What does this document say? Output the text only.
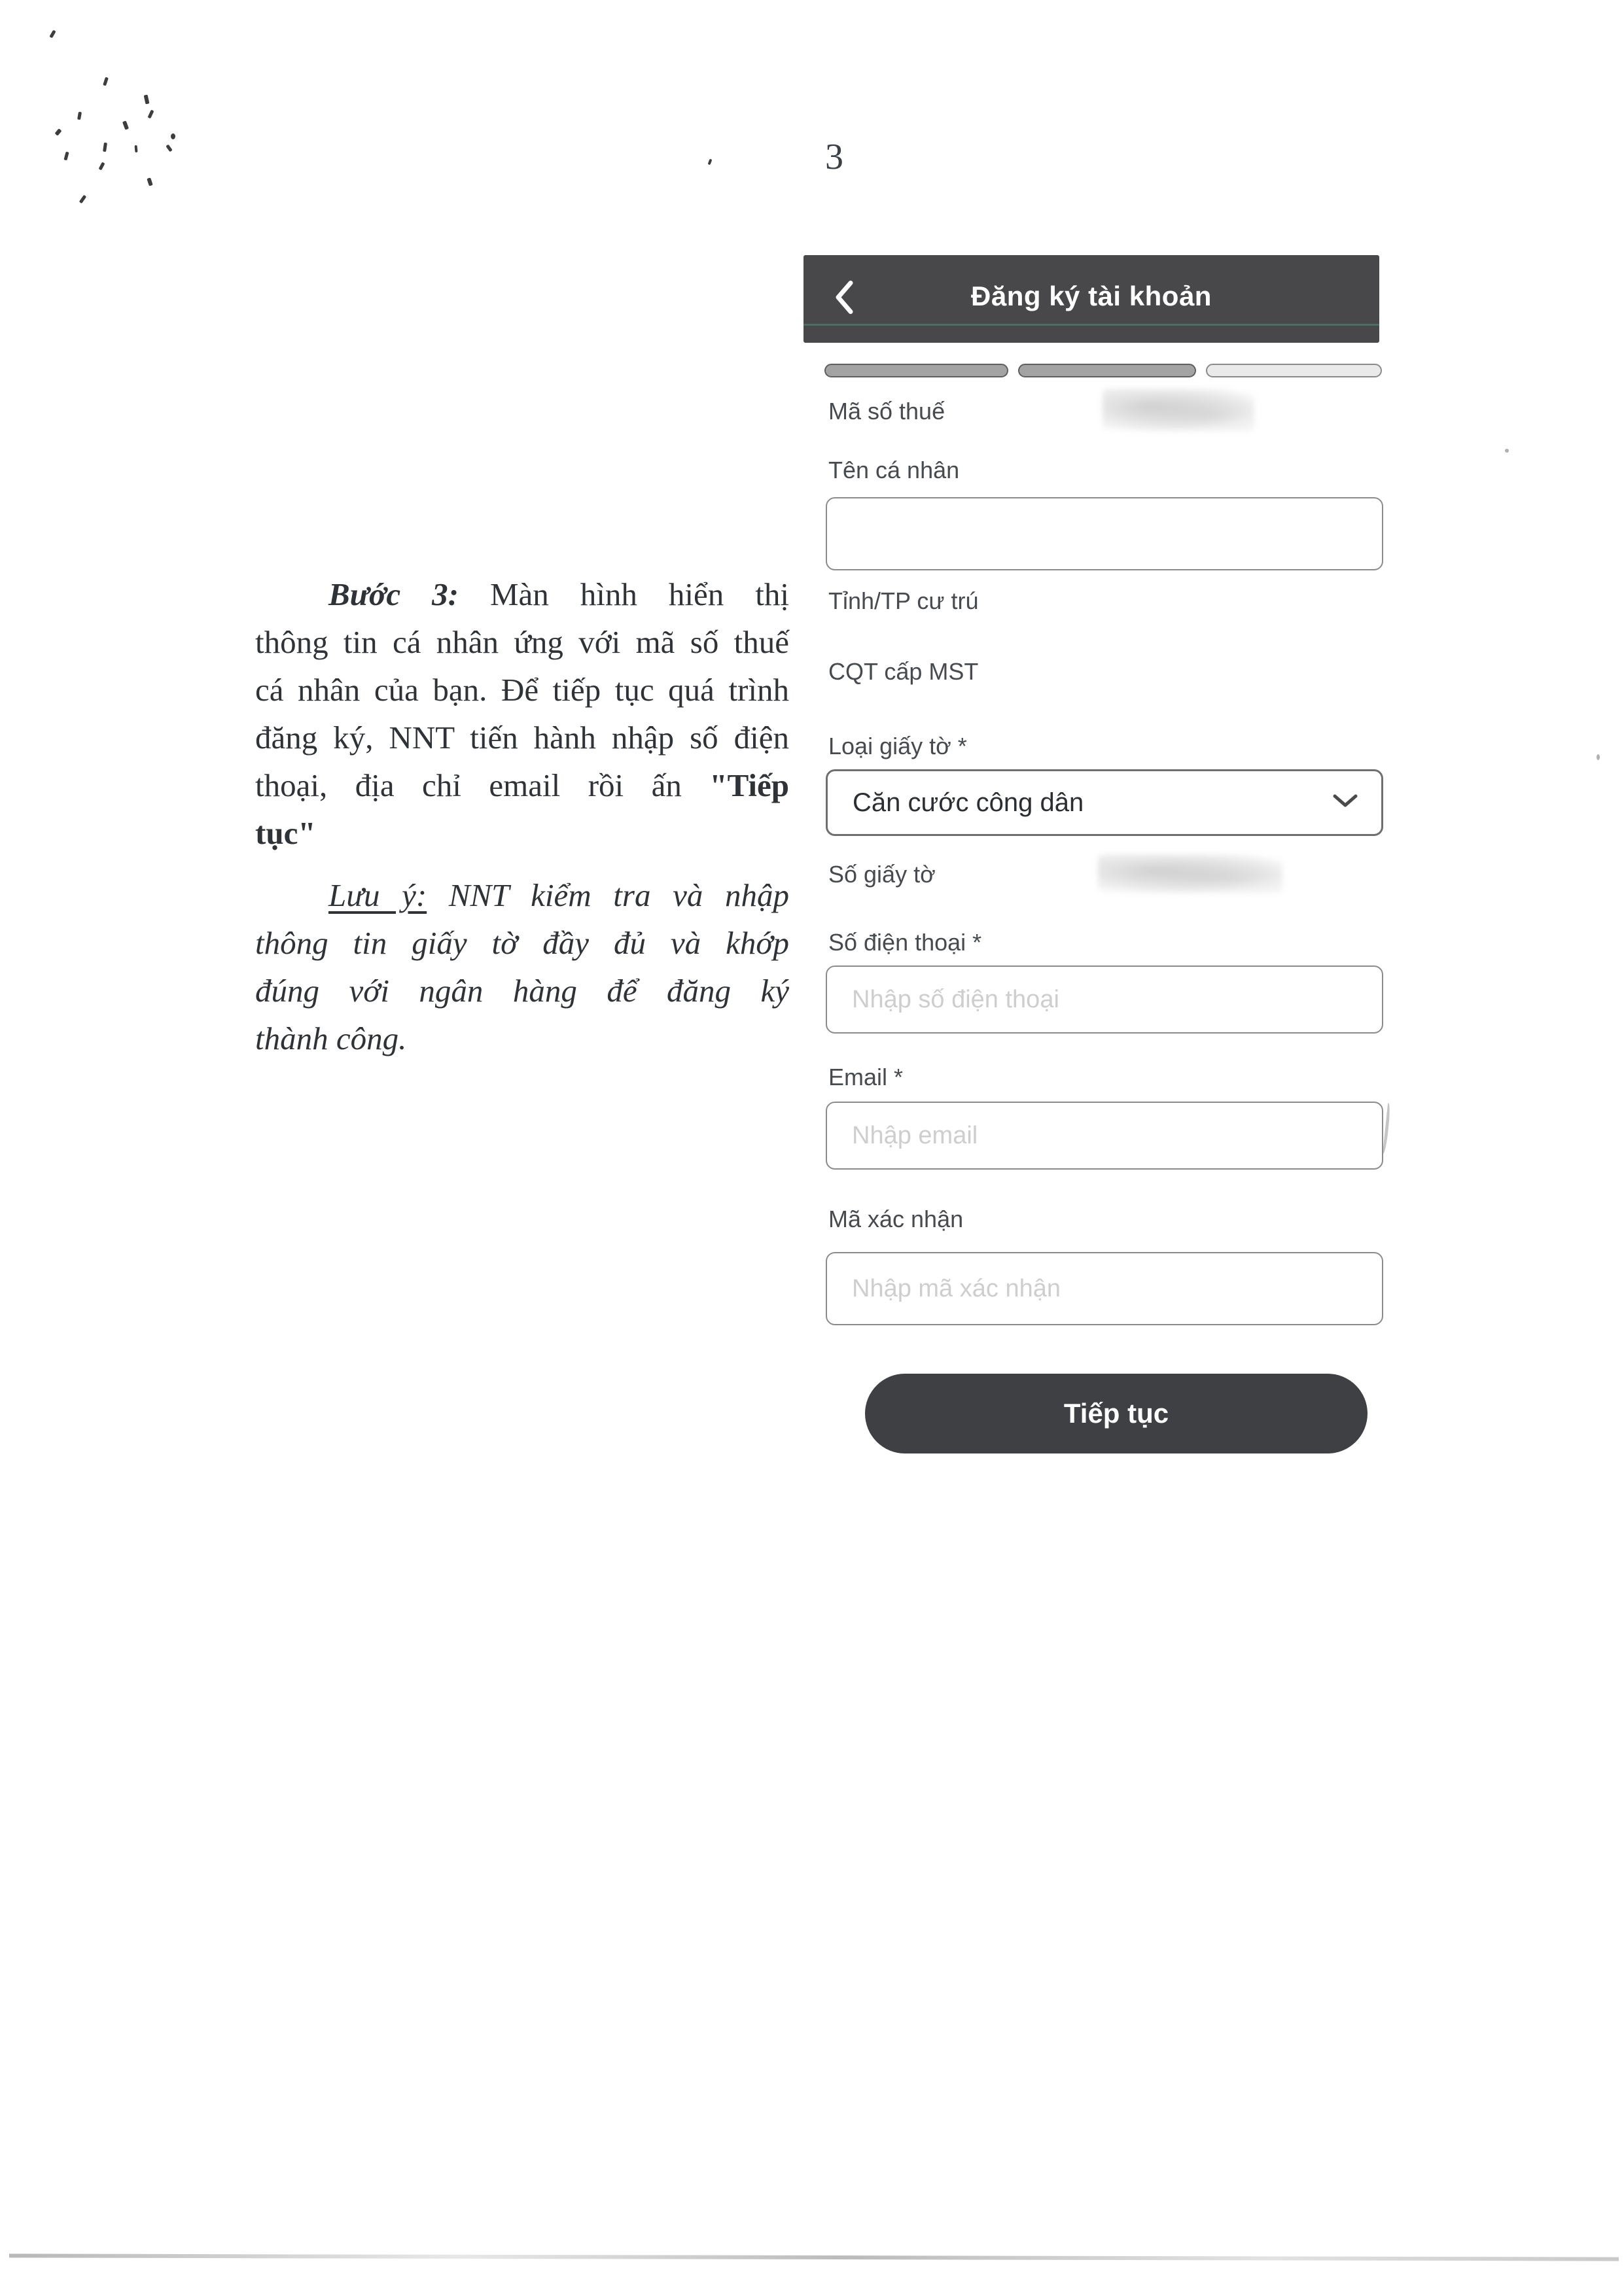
3
Bước 3: Màn hình hiển thị
thông tin cá nhân ứng với mã số thuế
cá nhân của bạn. Để tiếp tục quá trình
đăng ký, NNT tiến hành nhập số điện
thoại, địa chỉ email rồi ấn "Tiếp
tục"
Lưu ý: NNT kiểm tra và nhập
thông tin giấy tờ đầy đủ và khớp
đúng với ngân hàng để đăng ký
thành công.
Đăng ký tài khoản
Mã số thuế
Tên cá nhân
Tỉnh/TP cư trú
CQT cấp MST
Loại giấy tờ *
Căn cước công dân
Số giấy tờ
Số điện thoại *
Nhập số điện thoại
Email *
Nhập email
Mã xác nhận
Nhập mã xác nhận
Tiếp tục
